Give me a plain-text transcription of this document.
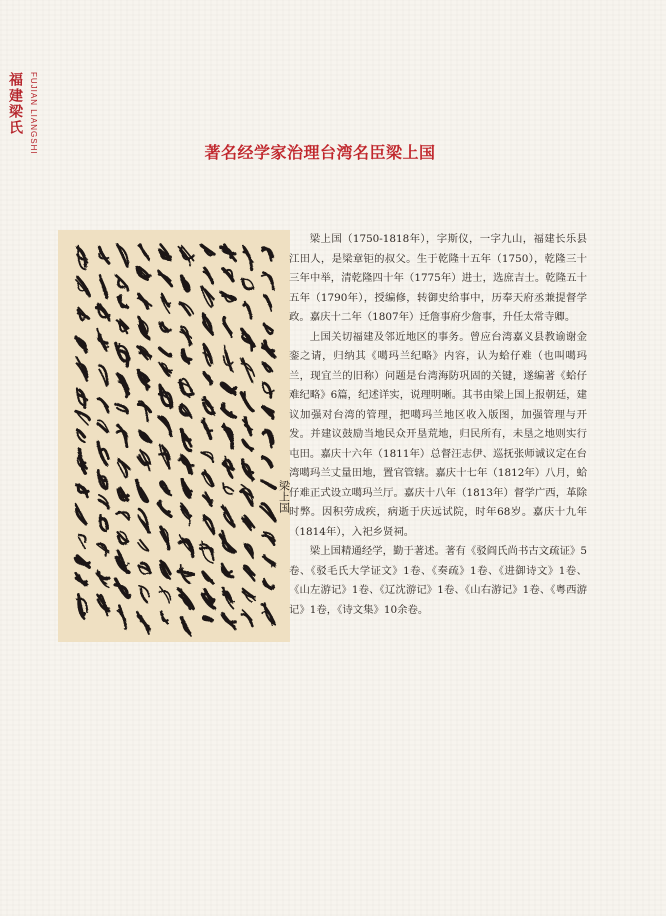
福建梁氏 FUJIAN LIANGSHI	著名经学家治理台湾名臣梁上国
梁上国

梁上国（1750-1818年），字斯仪，一字九山，福建长乐县江田人，是梁章钜的叔父。生于乾隆十五年（1750），乾隆三十三年中举，清乾隆四十年（1775年）进士，选庶吉士。乾隆五十五年（1790年），授编修，转御史给事中，历奉天府丞兼提督学政。嘉庆十二年（1807年）迁詹事府少詹事，升任太常寺卿。

上国关切福建及邻近地区的事务。曾应台湾嘉义县教谕谢金銮之请，归纳其《噶玛兰纪略》内容，认为蛤仔难（也叫噶玛兰，现宜兰的旧称）问题是台湾海防巩固的关键，遂编著《蛤仔难纪略》6篇，纪述详实，说理明晰。其书由梁上国上报朝廷，建议加强对台湾的管理，把噶玛兰地区收入版图，加强管理与开发。并建议鼓励当地民众开垦荒地，归民所有，未垦之地则实行屯田。嘉庆十六年（1811年）总督汪志伊、巡抚张师诚议定在台湾噶玛兰丈量田地，置官管辖。嘉庆十七年（1812年）八月，蛤仔难正式设立噶玛兰厅。嘉庆十八年（1813年）督学广西，革除时弊。因积劳成疾，病逝于庆远试院，时年68岁。嘉庆十九年（1814年），入祀乡贤祠。

梁上国精通经学，勤于著述。著有《驳阎氏尚书古文疏证》5卷、《驳毛氏大学证文》1卷、《奏疏》1卷、《进御诗文》1卷、《山左游记》1卷、《辽沈游记》1卷、《山右游记》1卷、《粤西游记》1卷，《诗文集》10余卷。
